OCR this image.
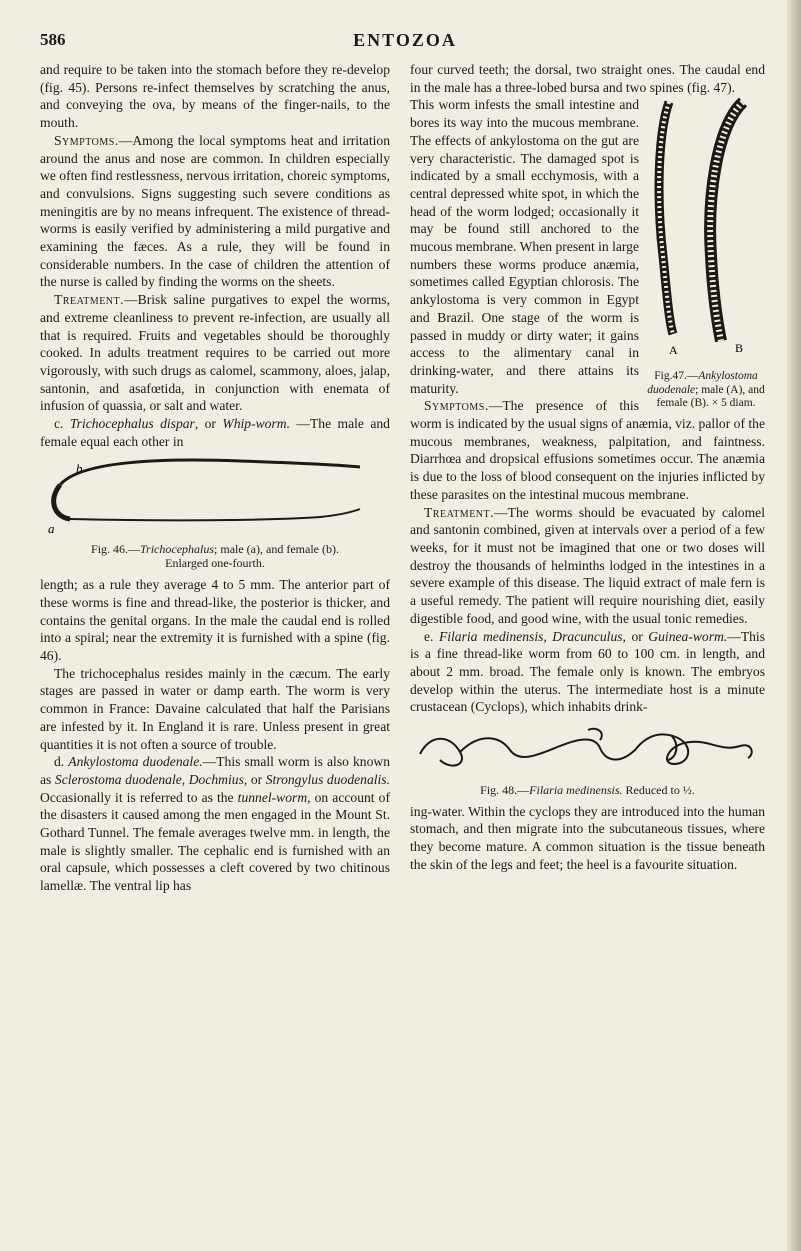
586	ENTOZOA

and require to be taken into the stomach before they re-develop (fig. 45). Persons re-infect themselves by scratching the anus, and conveying the ova, by means of the finger-nails, to the mouth.

Symptoms.—Among the local symptoms heat and irritation around the anus and nose are common. In children especially we often find restlessness, nervous irritation, choreic symptoms, and convulsions. Signs suggesting such severe conditions as meningitis are by no means infrequent. The existence of thread-worms is easily verified by administering a mild purgative and examining the fæces. As a rule, they will be found in considerable numbers. In the case of children the attention of the nurse is called by finding the worms on the sheets.

Treatment.—Brisk saline purgatives to expel the worms, and extreme cleanliness to prevent re-infection, are usually all that is required. Fruits and vegetables should be thoroughly cooked. In adults treatment requires to be carried out more vigorously, with such drugs as calomel, scammony, aloes, jalap, santonin, and asafœtida, in conjunction with enemata of infusion of quassia, or salt and water.

c. Trichocephalus dispar, or Whip-worm. —The male and female equal each other in

b
a
Fig. 46.—Trichocephalus; male (a), and female (b).
Enlarged one-fourth.

length; as a rule they average 4 to 5 mm. The anterior part of these worms is fine and thread-like, the posterior is thicker, and contains the genital organs. In the male the caudal end is rolled into a spiral; near the extremity it is furnished with a spine (fig. 46).

The trichocephalus resides mainly in the cæcum. The early stages are passed in water or damp earth. The worm is very common in France: Davaine calculated that half the Parisians are infested by it. In England it is rare. Unless present in great quantities it is not often a source of trouble.

d. Ankylostoma duodenale.—This small worm is also known as Sclerostoma duodenale, Dochmius, or Strongylus duodenalis. Occasionally it is referred to as the tunnel-worm, on account of the disasters it caused among the men engaged in the Mount St. Gothard Tunnel. The female averages twelve mm. in length, the male is slightly smaller. The cephalic end is furnished with an oral capsule, which possesses a cleft covered by two chitinous lamellæ. The ventral lip has

four curved teeth; the dorsal, two straight ones. The caudal end in the male has a three-lobed bursa and two spines (fig. 47).

A	B
Fig.47.—Ankylostoma duodenale; male (A), and female (B). × 5 diam.

This worm infests the small intestine and bores its way into the mucous membrane. The effects of ankylostoma on the gut are very characteristic. The damaged spot is indicated by a small ecchymosis, with a central depressed white spot, in which the head of the worm lodged; occasionally it may be found still anchored to the mucous membrane. When present in large numbers these worms produce anæmia, sometimes called Egyptian chlorosis. The ankylostoma is very common in Egypt and Brazil. One stage of the worm is passed in muddy or dirty water; it gains access to the alimentary canal in drinking-water, and there attains its maturity.

Symptoms.—The presence of this worm is indicated by the usual signs of anæmia, viz. pallor of the mucous membranes, weakness, palpitation, and faintness. Diarrhœa and dropsical effusions sometimes occur. The anæmia is due to the loss of blood consequent on the injuries inflicted by these parasites on the intestinal mucous membrane.

Treatment.—The worms should be evacuated by calomel and santonin combined, given at intervals over a period of a few weeks, for it must not be imagined that one or two doses will destroy the thousands of helminths lodged in the intestines in a severe example of this disease. The liquid extract of male fern is a useful remedy. The patient will require nourishing diet, easily digestible food, and good wine, with the usual tonic remedies.

e. Filaria medinensis, Dracunculus, or Guinea-worm.—This is a fine thread-like worm from 60 to 100 cm. in length, and about 2 mm. broad. The female only is known. The embryos develop within the uterus. The intermediate host is a minute crustacean (Cyclops), which inhabits drink-

Fig. 48.—Filaria medinensis. Reduced to ½.

ing-water. Within the cyclops they are introduced into the human stomach, and then migrate into the subcutaneous tissues, where they become mature. A common situation is the tissue beneath the skin of the legs and feet; the heel is a favourite situation.
